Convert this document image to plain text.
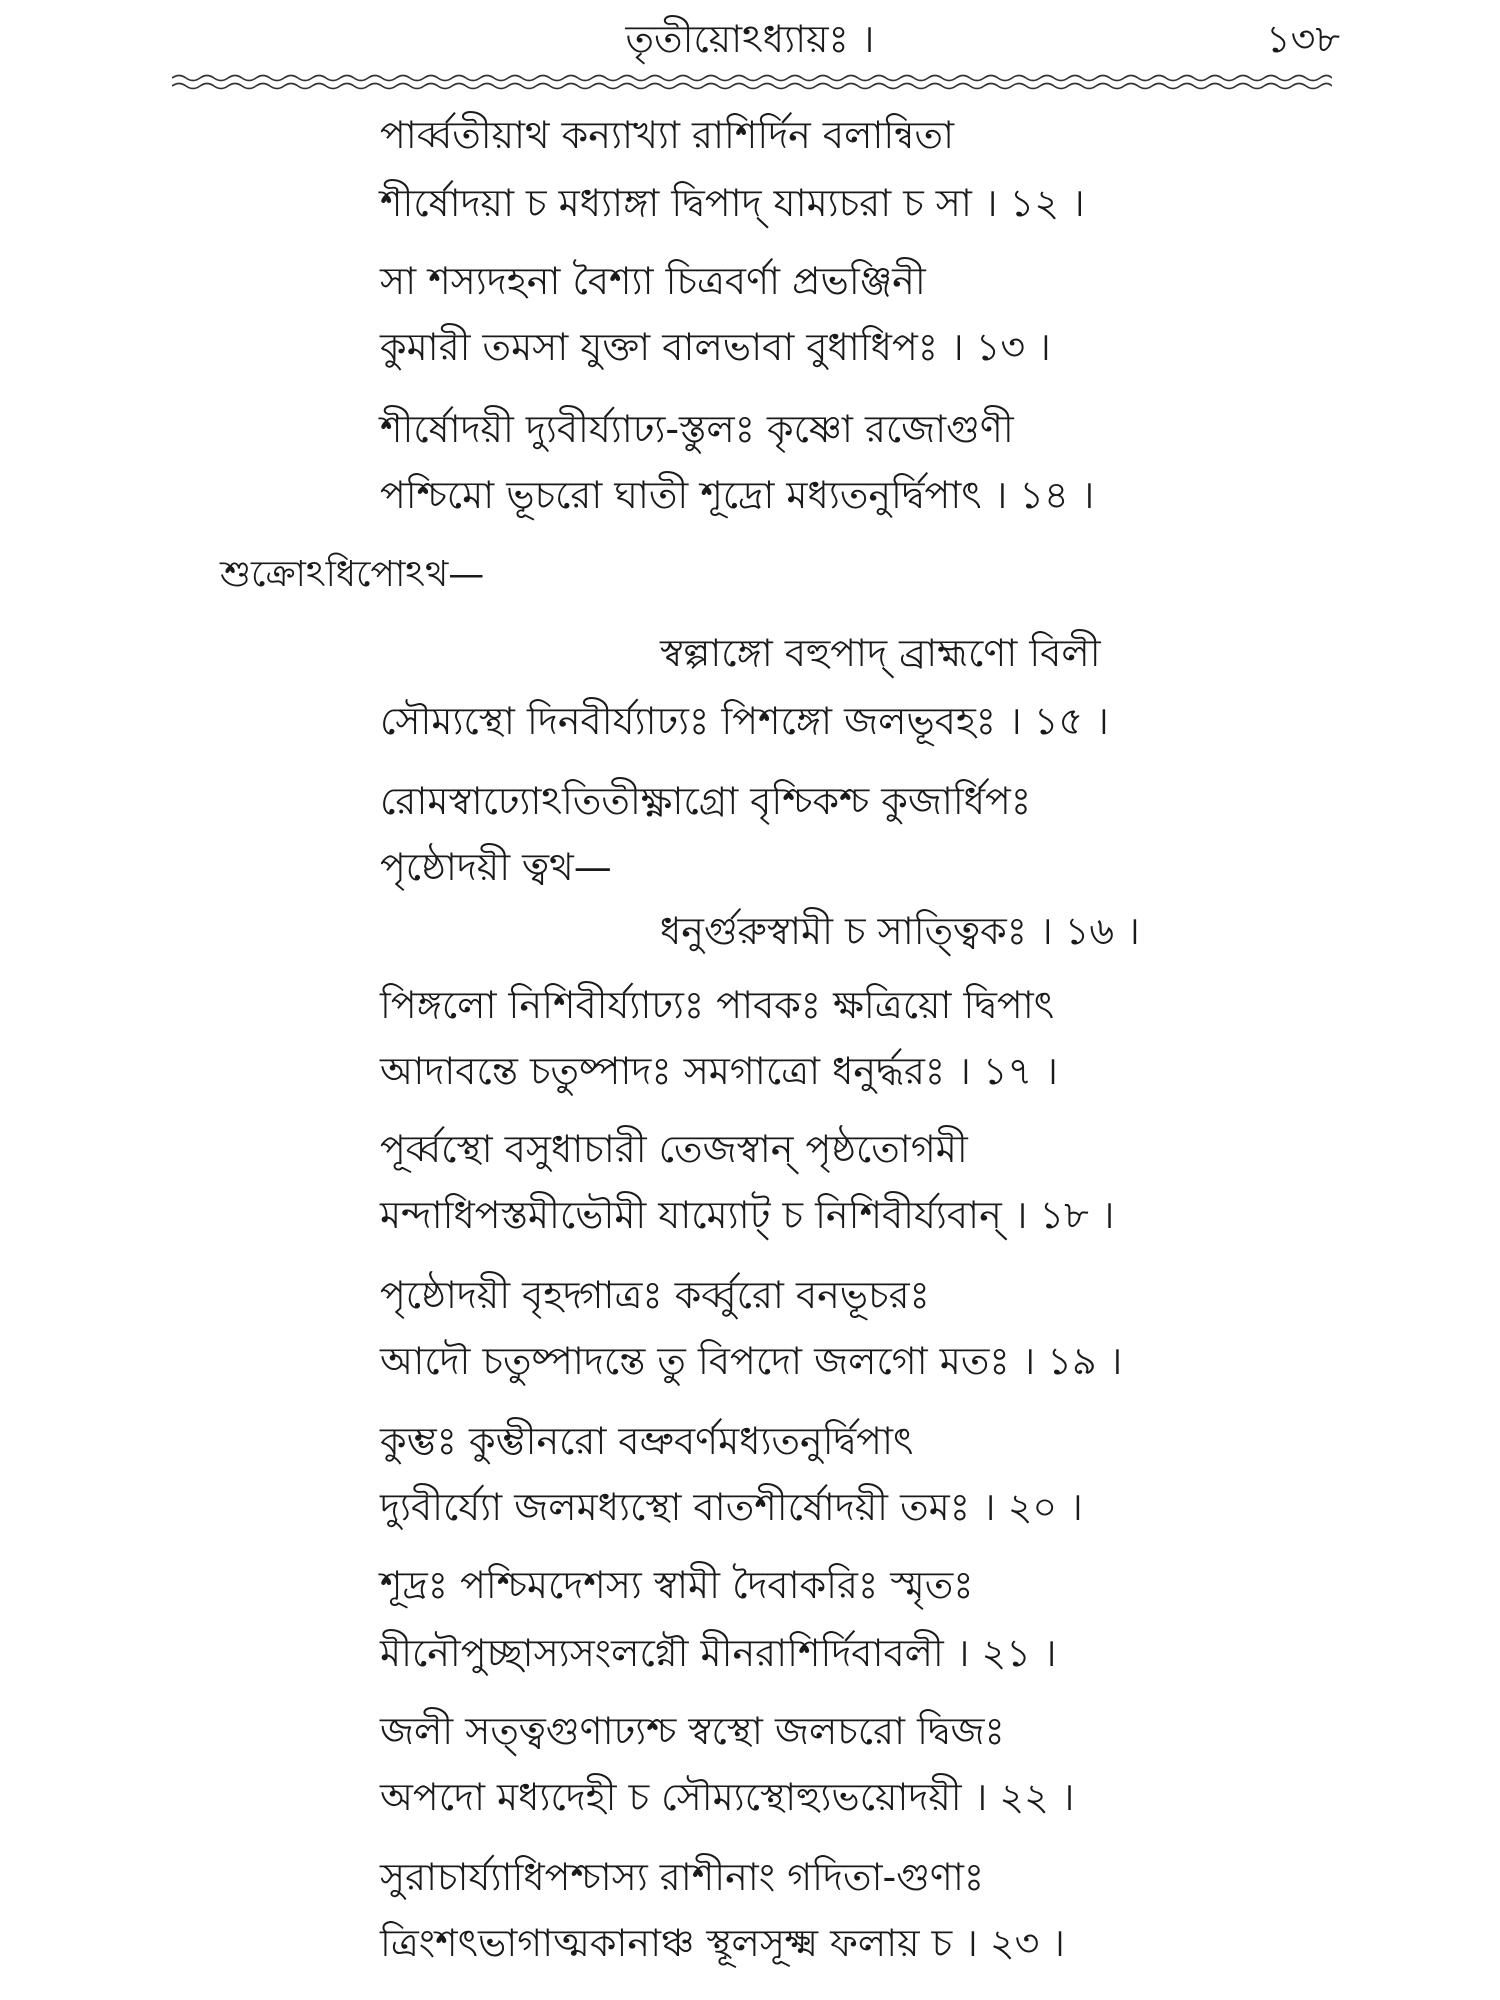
তৃতীয়োঽধ্যায়ঃ ।	১৩৮
পার্ব্বতীয়াথ কন্যাখ্যা রাশির্দিন বলান্বিতা
শীর্ষোদয়া চ মধ্যাঙ্গা দ্বিপাদ্ যাম্যচরা চ সা । ১২ ।
সা শস্যদহনা বৈশ্যা চিত্রবর্ণা প্রভঞ্জিনী
কুমারী তমসা যুক্তা বালভাবা বুধাধিপঃ । ১৩ ।
শীর্ষোদয়ী দ্যুবীর্য্যাঢ্য-স্তুলঃ কৃষ্ণো রজোগুণী
পশ্চিমো ভূচরো ঘাতী শূদ্রো মধ্যতনুর্দ্বিপাৎ । ১৪ ।
শুক্রোঽধিপোঽথ—
স্বল্পাঙ্গো বহুপাদ্ ব্রাহ্মণো বিলী
সৌম্যস্থো দিনবীর্য্যাঢ্যঃ পিশঙ্গো জলভূবহঃ । ১৫ ।
রোমস্বাঢ্যোঽতিতীক্ষ্ণাগ্রো বৃশ্চিকশ্চ কুজার্ধিপঃ
পৃষ্ঠোদয়ী ত্বথ—
ধনুর্গুরুস্বামী চ সাত্ত্বিকঃ । ১৬ ।
পিঙ্গলো নিশিবীর্য্যাঢ্যঃ পাবকঃ ক্ষত্রিয়ো দ্বিপাৎ
আদাবন্তে চতুষ্পাদঃ সমগাত্রো ধনুর্দ্ধরঃ । ১৭ ।
পূর্ব্বস্থো বসুধাচারী তেজস্বান্ পৃষ্ঠতোগমী
মন্দাধিপস্তমীভৌমী যাম্যোট্ চ নিশিবীর্য্যবান্ । ১৮ ।
পৃষ্ঠোদয়ী বৃহদ্গাত্রঃ কর্ব্বুরো বনভূচরঃ
আদৌ চতুষ্পাদন্তে তু বিপদো জলগো মতঃ । ১৯ ।
কুম্ভঃ কুম্ভীনরো বভ্রুবর্ণমধ্যতনুর্দ্বিপাৎ
দ্যুবীর্য্যো জলমধ্যস্থো বাতশীর্ষোদয়ী তমঃ । ২০ ।
শূদ্রঃ পশ্চিমদেশস্য স্বামী দৈবাকরিঃ স্মৃতঃ
মীনৌপুচ্ছাস্যসংলগ্নৌ মীনরাশির্দিবাবলী । ২১ ।
জলী সত্ত্বগুণাঢ্যশ্চ স্বস্থো জলচরো দ্বিজঃ
অপদো মধ্যদেহী চ সৌম্যস্থোহ্যুভয়োদয়ী । ২২ ।
সুরাচার্য্যাধিপশ্চাস্য রাশীনাং গদিতা-গুণাঃ
ত্রিংশৎভাগাত্মকানাঞ্চ স্থূলসূক্ষ্ম ফলায় চ । ২৩ ।
